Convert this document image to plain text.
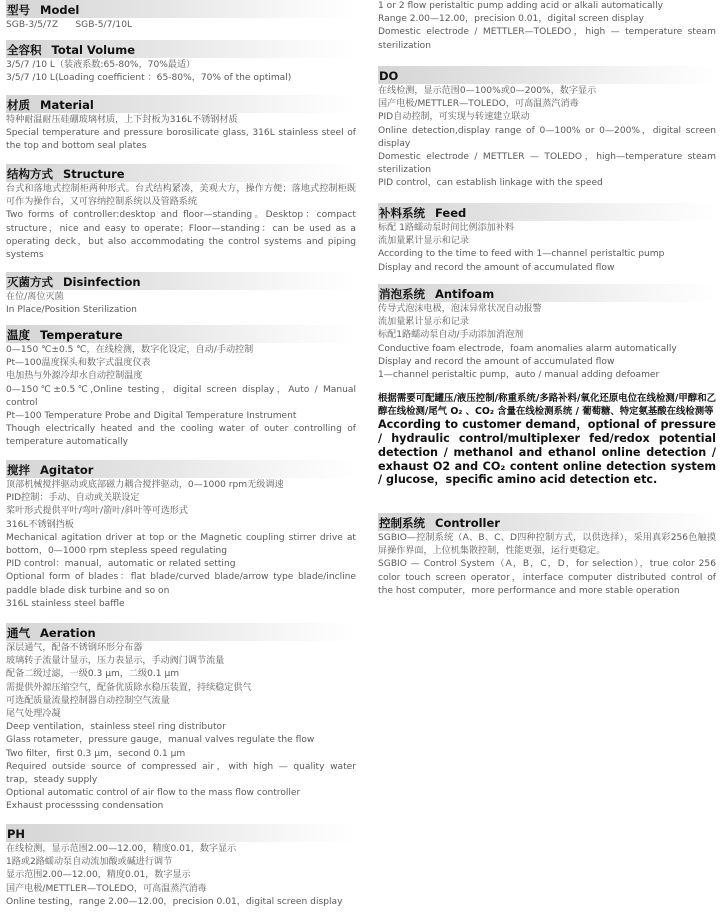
型号 Model
SGB-3/5/7Z      SGB-5/7/10L
全容积 Total Volume
3/5/7 /10 L（装液系数:65-80%，70%最适）
3/5/7 /10 L(Loading coefficient ：65-80%，70% of the optimal)
材质 Material
特种耐温耐压硅硼玻璃材质，上下封板为316L不锈钢材质
Special temperature and pressure borosilicate glass, 316L stainless steel of the top and bottom seal plates
结构方式 Structure
台式和落地式控制柜两种形式。台式结构紧凑，美观大方，操作方便；落地式控制柜既可作为操作台，又可容纳控制系统以及管路系统
Two forms of controller:desktop and floor—standing。Desktop：compact structure，nice and easy to operate；Floor—standing：can be used as a operating deck，but also accommodating the control systems and piping systems
灭菌方式 Disinfection
在位/离位灭菌
In Place/Position Sterilization
温度 Temperature
0—150 ℃±0.5 ℃，在线检测，数字化设定，自动/手动控制
Pt—100温度探头和数字式温度仪表
电加热与外源冷却水自动控制温度
0—150℃±0.5℃,Online testing，digital screen display，Auto / Manual control
Pt—100 Temperature Probe and Digital Temperature Instrument
Though electrically heated and the cooling water of outer controlling of temperature automatically
搅拌 Agitator
顶部机械搅拌驱动或底部磁力耦合搅拌驱动，0—1000 rpm无级调速
PID控制：手动、自动或关联设定
桨叶形式提供平叶/弯叶/箭叶/斜叶等可选形式
316L不锈钢挡板
Mechanical agitation driver at top or the Magnetic coupling stirrer drive at bottom，0—1000 rpm stepless speed regulating
PID control：manual，automatic or related setting
Optional form of blades：flat blade/curved blade/arrow type blade/incline paddle blade disk turbine and so on
316L stainless steel baffle
通气 Aeration
深层通气，配备不锈钢环形分布器
玻璃转子流量计显示，压力表显示，手动阀门调节流量
配备二级过滤，一级0.3 μm，二级0.1 μm
需提供外源压缩空气，配备优质除水稳压装置，持续稳定供气
可选配质量流量控制器自动控制空气流量
尾气处理冷凝
Deep ventilation，stainless steel ring distributor
Glass rotameter，pressure gauge，manual valves regulate the flow
Two filter，first 0.3 μm，second 0.1 μm
Required outside source of compressed air，with high — quality water trap，steady supply
Optional automatic control of air flow to the mass flow controller
Exhaust processsing condensation
PH
在线检测，显示范围2.00—12.00，精度0.01，数字显示
1路或2路蠕动泵自动流加酸或碱进行调节
显示范围2.00—12.00，精度0.01，数字显示
国产电极/METTLER—TOLEDO，可高温蒸汽消毒
Online testing，range 2.00—12.00，precision 0.01，digital screen display
1 or 2 flow peristaltic pump adding acid or alkali automatically
Range 2.00—12.00，precision 0.01，digital screen display
Domestic electrode / METTLER—TOLEDO，high — temperature steam sterilization
DO
在线检测，显示范围0—100%或0—200%，数字显示
国产电极/METTLER—TOLEDO，可高温蒸汽消毒
PID自动控制，可实现与转速建立联动
Online detection,display range of 0—100% or 0—200%，digital screen display
Domestic electrode / METTLER — TOLEDO，high—temperature steam sterilization
PID control，can establish linkage with the speed
补料系统 Feed
标配 1路蠕动泵时间比例添加补料
流加量累计显示和记录
According to the time to feed with 1—channel peristaltic pump
Display and record the amount of accumulated flow
消泡系统 Antifoam
传导式泡沫电极，泡沫异常状况自动报警
流加量累计显示和记录
标配1路蠕动泵自动/手动添加消泡剂
Conductive foam electrode，foam anomalies alarm automatically
Display and record the amount of accumulated flow
1—channel peristaltic pump，auto / manual adding defoamer
根据需要可配罐压/液压控制/称重系统/多路补料/氧化还原电位在线检测/甲醇和乙醇在线检测/尾气 O₂ 、CO₂ 含量在线检测系统 / 葡萄糖、特定氨基酸在线检测等
According to customer demand，optional of pressure / hydraulic control/multiplexer fed/redox potential detection / methanol and ethanol online detection / exhaust O2 and CO₂ content online detection system / glucose，specific amino acid detection etc.
控制系统 Controller
SGBIO—控制系统（A、B、C、D四种控制方式，以供选择），采用真彩256色触摸屏操作界面，上位机集散控制，性能更强，运行更稳定。
SGBIO — Control System（A，B，C，D，for selection），true color 256 color touch screen operator，interface computer distributed control of the host computer，more performance and more stable operation
